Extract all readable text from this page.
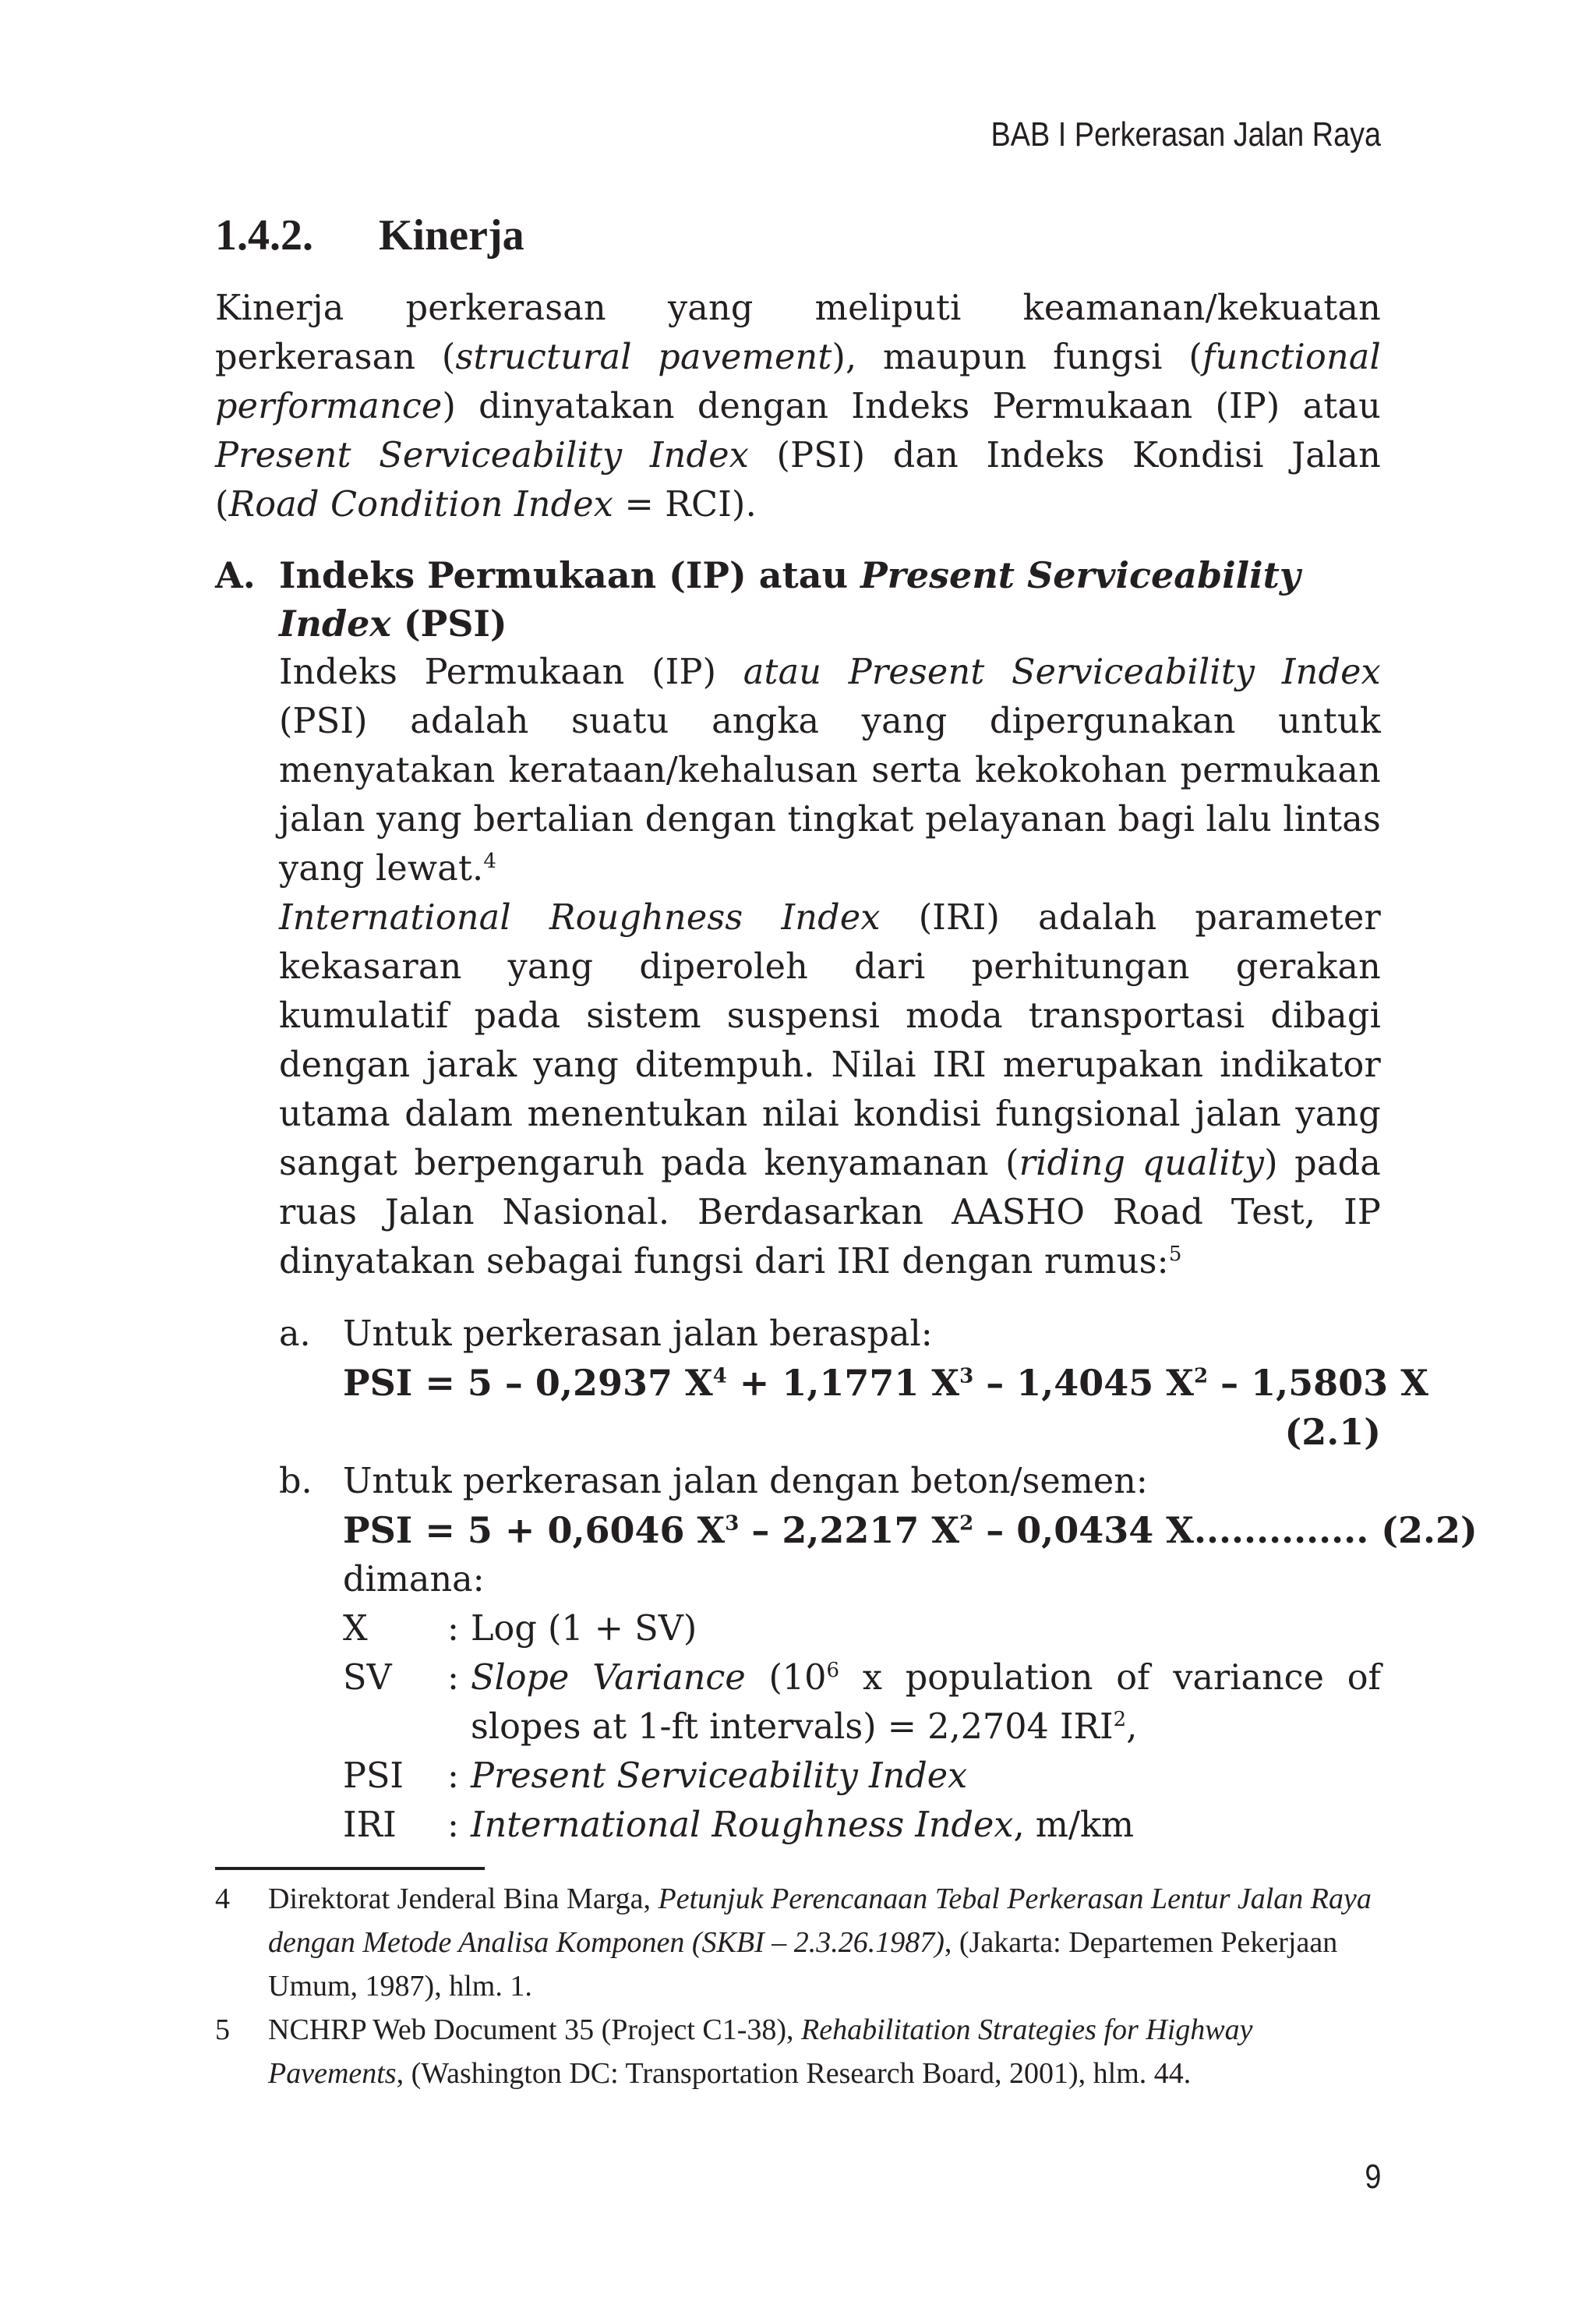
BAB I Perkerasan Jalan Raya
1.4.2. Kinerja

Kinerja perkerasan yang meliputi keamanan/kekuatan perkerasan (structural pavement), maupun fungsi (functional performance) dinyatakan dengan Indeks Permukaan (IP) atau Present Serviceability Index (PSI) dan Indeks Kondisi Jalan (Road Condition Index = RCI).

A. Indeks Permukaan (IP) atau Present Serviceability Index (PSI)

Indeks Permukaan (IP) atau Present Serviceability Index (PSI) adalah suatu angka yang dipergunakan untuk menyatakan kerataan/kehalusan serta kekokohan permukaan jalan yang bertalian dengan tingkat pelayanan bagi lalu lintas yang lewat.$^4$

International Roughness Index (IRI) adalah parameter kekasaran yang diperoleh dari perhitungan gerakan kumulatif pada sistem suspensi moda transportasi dibagi dengan jarak yang ditempuh. Nilai IRI merupakan indikator utama dalam menentukan nilai kondisi fungsional jalan yang sangat berpengaruh pada kenyamanan (riding quality) pada ruas Jalan Nasional. Berdasarkan AASHO Road Test, IP dinyatakan sebagai fungsi dari IRI dengan rumus:$^5$

a. Untuk perkerasan jalan beraspal:

PSI = 5 – 0,2937 $X^4 + 1,1771$ $X^3 - 1,4045$ $X^2 - 1,5803$ X

(2.1)

b. Untuk perkerasan jalan dengan beton/semen:

PSI = 5 + 0,6046 $X^3 - 2,2217$ $X^2 - 0,0434$ X.............. (2.2)

dimana:

X	: Log (1 + SV)
SV	: Slope Variance ($10^6$ x population of variance of slopes at 1-ft intervals) = 2,2704 IRI$^2$,
PSI	: Present Serviceability Index
IRI	: International Roughness Index, m/km

4 Direktorat Jenderal Bina Marga, Petunjuk Perencanaan Tebal Perkerasan Lentur Jalan Raya dengan Metode Analisa Komponen (SKBI – 2.3.26.1987), (Jakarta: Departemen Pekerjaan Umum, 1987), hlm. 1.

5 NCHRP Web Document 35 (Project C1-38), Rehabilitation Strategies for Highway Pavements, (Washington DC: Transportation Research Board, 2001), hlm. 44.

9
